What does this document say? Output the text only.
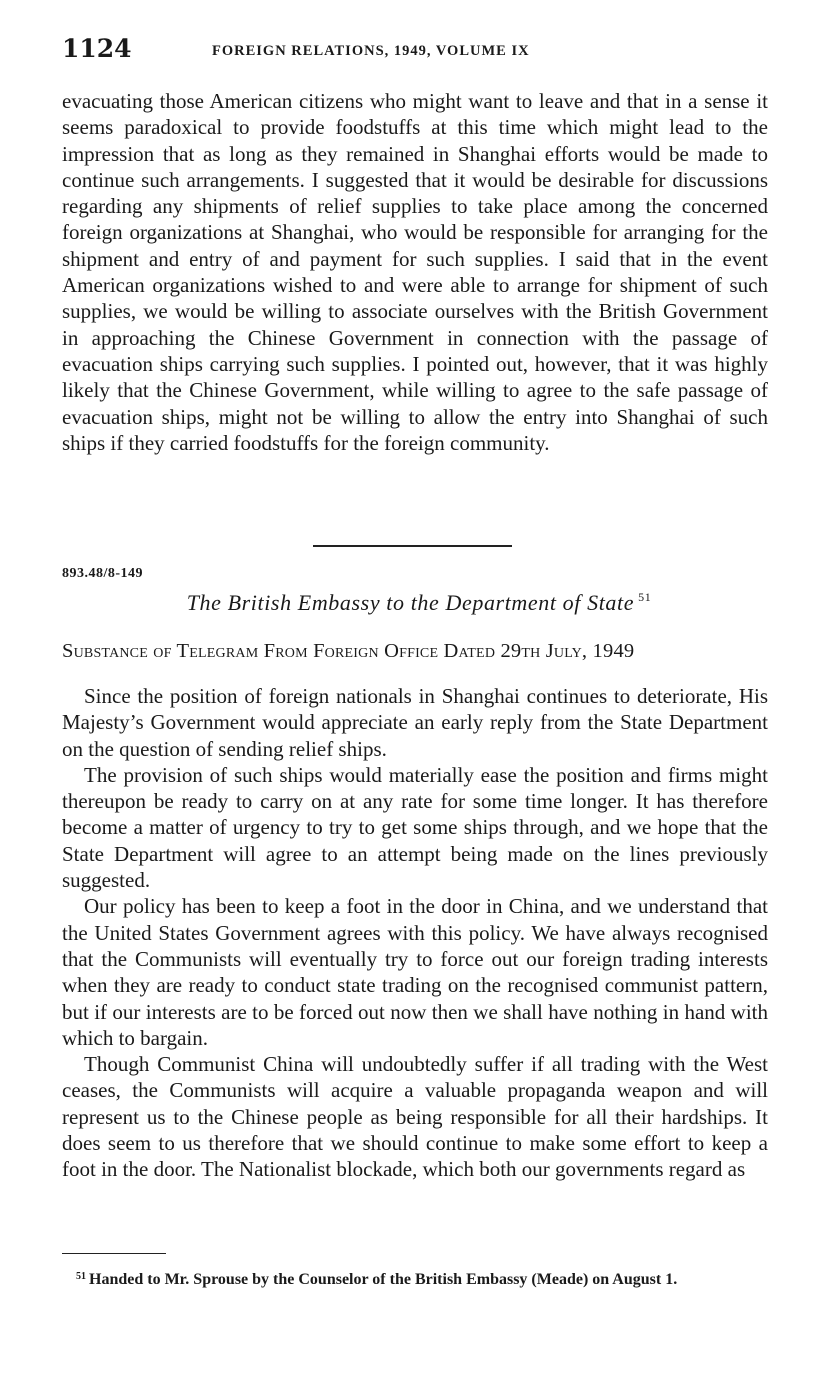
1124	FOREIGN RELATIONS, 1949, VOLUME IX

evacuating those American citizens who might want to leave and that in a sense it seems paradoxical to provide foodstuffs at this time which might lead to the impression that as long as they remained in Shanghai efforts would be made to continue such arrangements. I suggested that it would be desirable for discussions regarding any shipments of relief supplies to take place among the concerned foreign organizations at Shanghai, who would be responsible for arranging for the shipment and entry of and payment for such supplies. I said that in the event American organizations wished to and were able to arrange for shipment of such supplies, we would be willing to associate ourselves with the British Government in approaching the Chinese Government in connection with the passage of evacuation ships carrying such supplies. I pointed out, however, that it was highly likely that the Chinese Government, while willing to agree to the safe passage of evacuation ships, might not be willing to allow the entry into Shanghai of such ships if they carried foodstuffs for the foreign community.

893.48/8-149
The British Embassy to the Department of State $^{51}$
Substance of Telegram From Foreign Office Dated 29th July, 1949

Since the position of foreign nationals in Shanghai continues to deteriorate, His Majesty’s Government would appreciate an early reply from the State Department on the question of sending relief ships.

The provision of such ships would materially ease the position and firms might thereupon be ready to carry on at any rate for some time longer. It has therefore become a matter of urgency to try to get some ships through, and we hope that the State Department will agree to an attempt being made on the lines previously suggested.

Our policy has been to keep a foot in the door in China, and we understand that the United States Government agrees with this policy. We have always recognised that the Communists will eventually try to force out our foreign trading interests when they are ready to conduct state trading on the recognised communist pattern, but if our interests are to be forced out now then we shall have nothing in hand with which to bargain.

Though Communist China will undoubtedly suffer if all trading with the West ceases, the Communists will acquire a valuable propaganda weapon and will represent us to the Chinese people as being responsible for all their hardships. It does seem to us therefore that we should continue to make some effort to keep a foot in the door. The Nationalist blockade, which both our governments regard as

$^{51}$ Handed to Mr. Sprouse by the Counselor of the British Embassy (Meade) on August 1.
